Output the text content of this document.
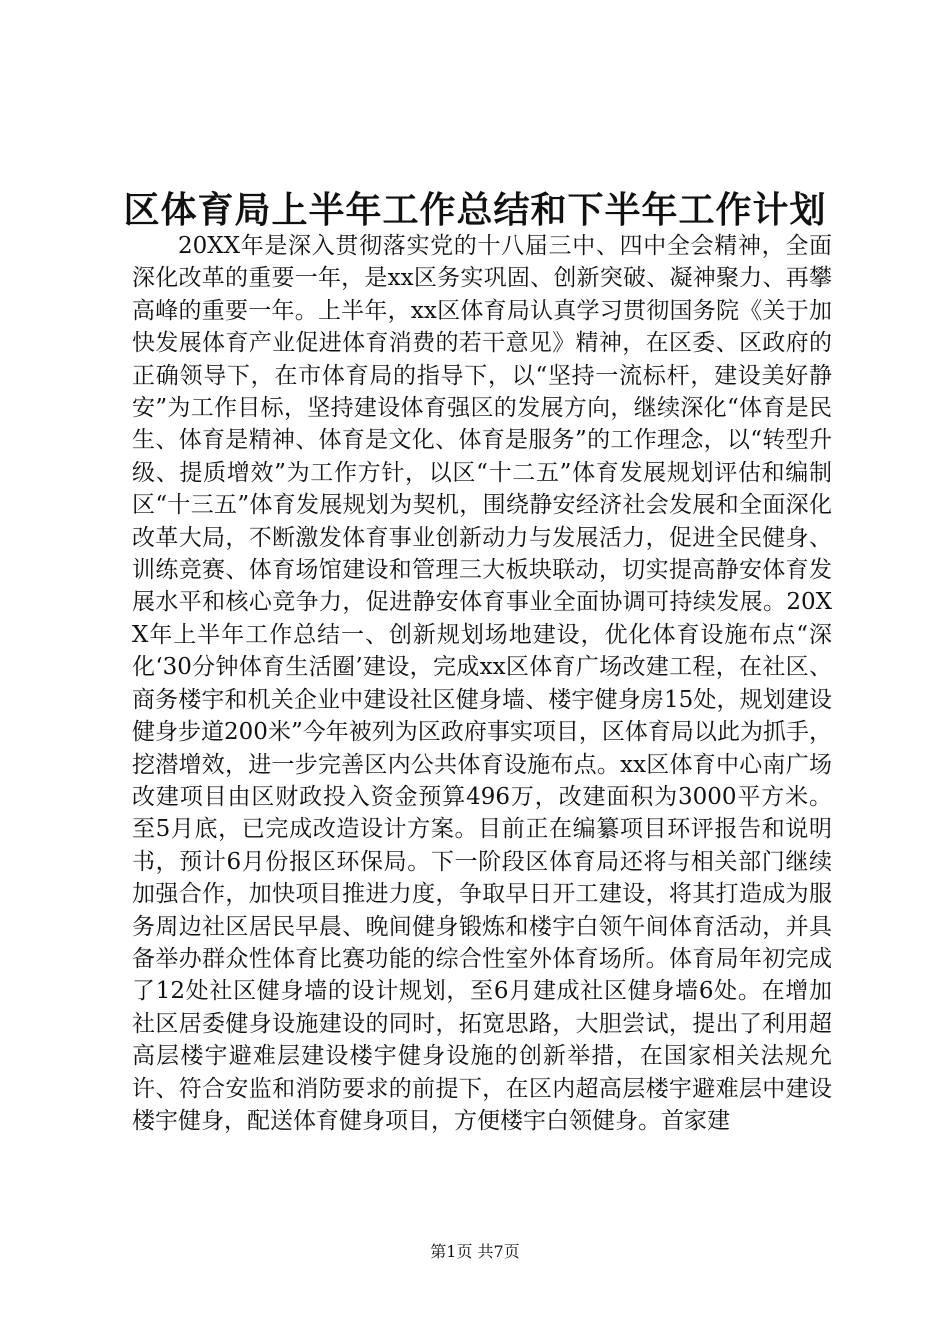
区体育局上半年工作总结和下半年工作计划

20XX年是深入贯彻落实党的十八届三中、四中全会精神，全面深化改革的重要一年，是xx区务实巩固、创新突破、凝神聚力、再攀高峰的重要一年。上半年，xx区体育局认真学习贯彻国务院《关于加快发展体育产业促进体育消费的若干意见》精神，在区委、区政府的正确领导下，在市体育局的指导下，以“坚持一流标杆，建设美好静安”为工作目标，坚持建设体育强区的发展方向，继续深化“体育是民生、体育是精神、体育是文化、体育是服务”的工作理念，以“转型升级、提质增效”为工作方针，以区“十二五”体育发展规划评估和编制区“十三五”体育发展规划为契机，围绕静安经济社会发展和全面深化改革大局，不断激发体育事业创新动力与发展活力，促进全民健身、训练竞赛、体育场馆建设和管理三大板块联动，切实提高静安体育发展水平和核心竞争力，促进静安体育事业全面协调可持续发展。20XX年上半年工作总结一、创新规划场地建设，优化体育设施布点“深化‘30分钟体育生活圈’建设，完成xx区体育广场改建工程，在社区、商务楼宇和机关企业中建设社区健身墙、楼宇健身房15处，规划建设健身步道200米”今年被列为区政府事实项目，区体育局以此为抓手，挖潜增效，进一步完善区内公共体育设施布点。xx区体育中心南广场改建项目由区财政投入资金预算496万，改建面积为3000平方米。至5月底，已完成改造设计方案。目前正在编纂项目环评报告和说明书，预计6月份报区环保局。下一阶段区体育局还将与相关部门继续加强合作，加快项目推进力度，争取早日开工建设，将其打造成为服务周边社区居民早晨、晚间健身锻炼和楼宇白领午间体育活动，并具备举办群众性体育比赛功能的综合性室外体育场所。体育局年初完成了12处社区健身墙的设计规划，至6月建成社区健身墙6处。在增加社区居委健身设施建设的同时，拓宽思路，大胆尝试，提出了利用超高层楼宇避难层建设楼宇健身设施的创新举措，在国家相关法规允许、符合安监和消防要求的前提下，在区内超高层楼宇避难层中建设楼宇健身，配送体育健身项目，方便楼宇白领健身。首家建

第1页 共7页
